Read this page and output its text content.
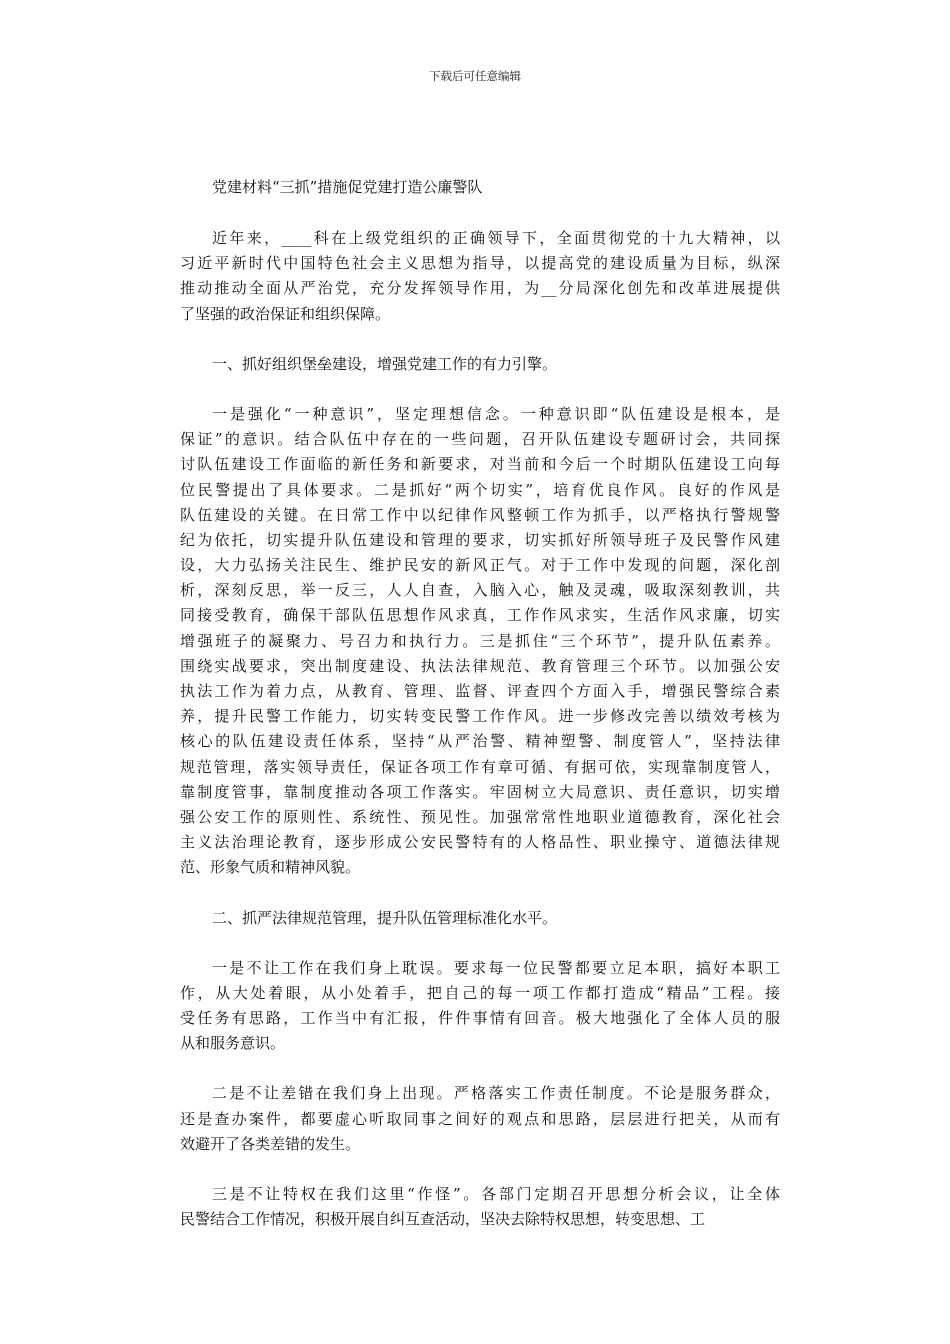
下载后可任意编辑
党建材料“三抓”措施促党建打造公廉警队
近年来，____科在上级党组织的正确领导下，全面贯彻党的十九大精神，以
习近平新时代中国特色社会主义思想为指导，以提高党的建设质量为目标，纵深
推动推动全面从严治党，充分发挥领导作用，为__分局深化创先和改革进展提供
了坚强的政治保证和组织保障。
一、抓好组织堡垒建设，增强党建工作的有力引擎。
一是强化“一种意识”，坚定理想信念。一种意识即“队伍建设是根本，是
保证”的意识。结合队伍中存在的一些问题，召开队伍建设专题研讨会，共同探
讨队伍建设工作面临的新任务和新要求，对当前和今后一个时期队伍建设工向每
位民警提出了具体要求。二是抓好“两个切实”，培育优良作风。良好的作风是
队伍建设的关键。在日常工作中以纪律作风整顿工作为抓手，以严格执行警规警
纪为依托，切实提升队伍建设和管理的要求，切实抓好所领导班子及民警作风建
设，大力弘扬关注民生、维护民安的新风正气。对于工作中发现的问题，深化剖
析，深刻反思，举一反三，人人自查，入脑入心，触及灵魂，吸取深刻教训，共
同接受教育，确保干部队伍思想作风求真，工作作风求实，生活作风求廉，切实
增强班子的凝聚力、号召力和执行力。三是抓住“三个环节”，提升队伍素养。
围绕实战要求，突出制度建设、执法法律规范、教育管理三个环节。以加强公安
执法工作为着力点，从教育、管理、监督、评查四个方面入手，增强民警综合素
养，提升民警工作能力，切实转变民警工作作风。进一步修改完善以绩效考核为
核心的队伍建设责任体系，坚持“从严治警、精神塑警、制度管人”，坚持法律
规范管理，落实领导责任，保证各项工作有章可循、有据可依，实现靠制度管人，
靠制度管事，靠制度推动各项工作落实。牢固树立大局意识、责任意识，切实增
强公安工作的原则性、系统性、预见性。加强常常性地职业道德教育，深化社会
主义法治理论教育，逐步形成公安民警特有的人格品性、职业操守、道德法律规
范、形象气质和精神风貌。
二、抓严法律规范管理，提升队伍管理标准化水平。
一是不让工作在我们身上耽误。要求每一位民警都要立足本职，搞好本职工
作，从大处着眼，从小处着手，把自己的每一项工作都打造成“精品”工程。接
受任务有思路，工作当中有汇报，件件事情有回音。极大地强化了全体人员的服
从和服务意识。
二是不让差错在我们身上出现。严格落实工作责任制度。不论是服务群众，
还是查办案件，都要虚心听取同事之间好的观点和思路，层层进行把关，从而有
效避开了各类差错的发生。
三是不让特权在我们这里“作怪”。各部门定期召开思想分析会议，让全体
民警结合工作情况，积极开展自纠互查活动，坚决去除特权思想，转变思想、工
